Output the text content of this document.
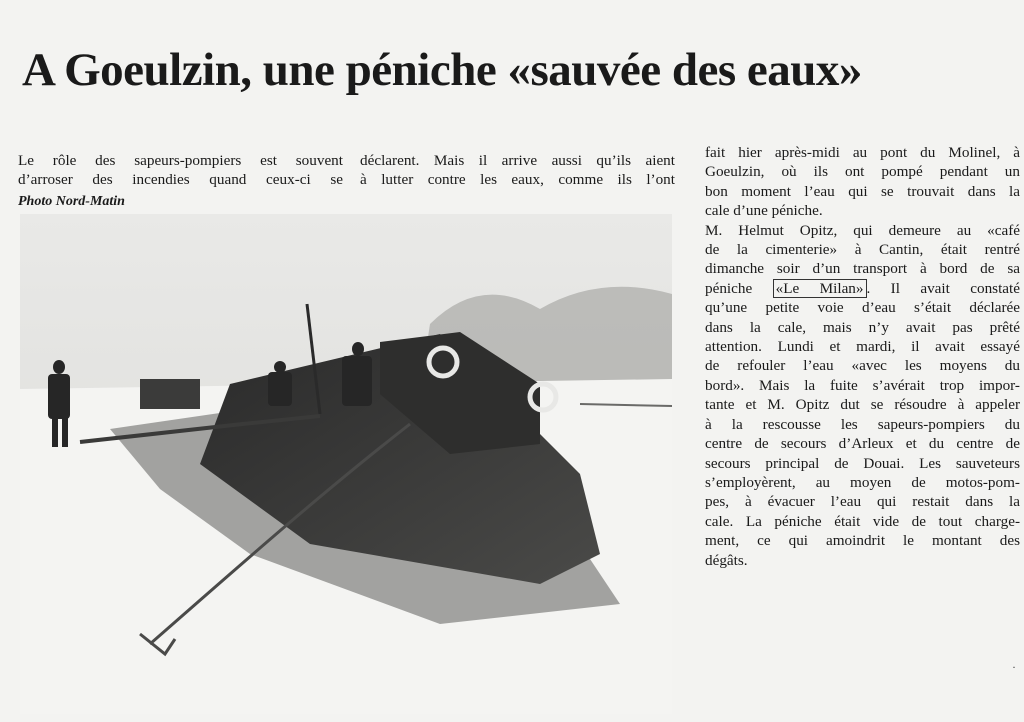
A Goeulzin, une péniche «sauvée des eaux»
Le rôle des sapeurs-pompiers est souvent
d’arroser des incendies quand ceux-ci se
Photo Nord-Matin
déclarent. Mais il arrive aussi qu’ils aient
à lutter contre les eaux, comme ils l’ont
fait hier après-midi au pont du Molinel, à
Goeulzin, où ils ont pompé pendant un
bon moment l’eau qui se trouvait dans la
cale d’une péniche.
M. Helmut Opitz, qui demeure au «café
de la cimenterie» à Cantin, était rentré
dimanche soir d’un transport à bord de sa
péniche «Le Milan» . Il avait constaté
qu’une petite voie d’eau s’était déclarée
dans la cale, mais n’y avait pas prêté
attention. Lundi et mardi, il avait essayé
de refouler l’eau «avec les moyens du
bord». Mais la fuite s’avérait trop impor-
tante et M. Opitz dut se résoudre à appeler
à la rescousse les sapeurs-pompiers du
centre de secours d’Arleux et du centre de
secours principal de Douai. Les sauveteurs
s’employèrent, au moyen de motos-pom-
pes, à évacuer l’eau qui restait dans la
cale. La péniche était vide de tout charge-
ment, ce qui amoindrit le montant des
dégâts.
·
